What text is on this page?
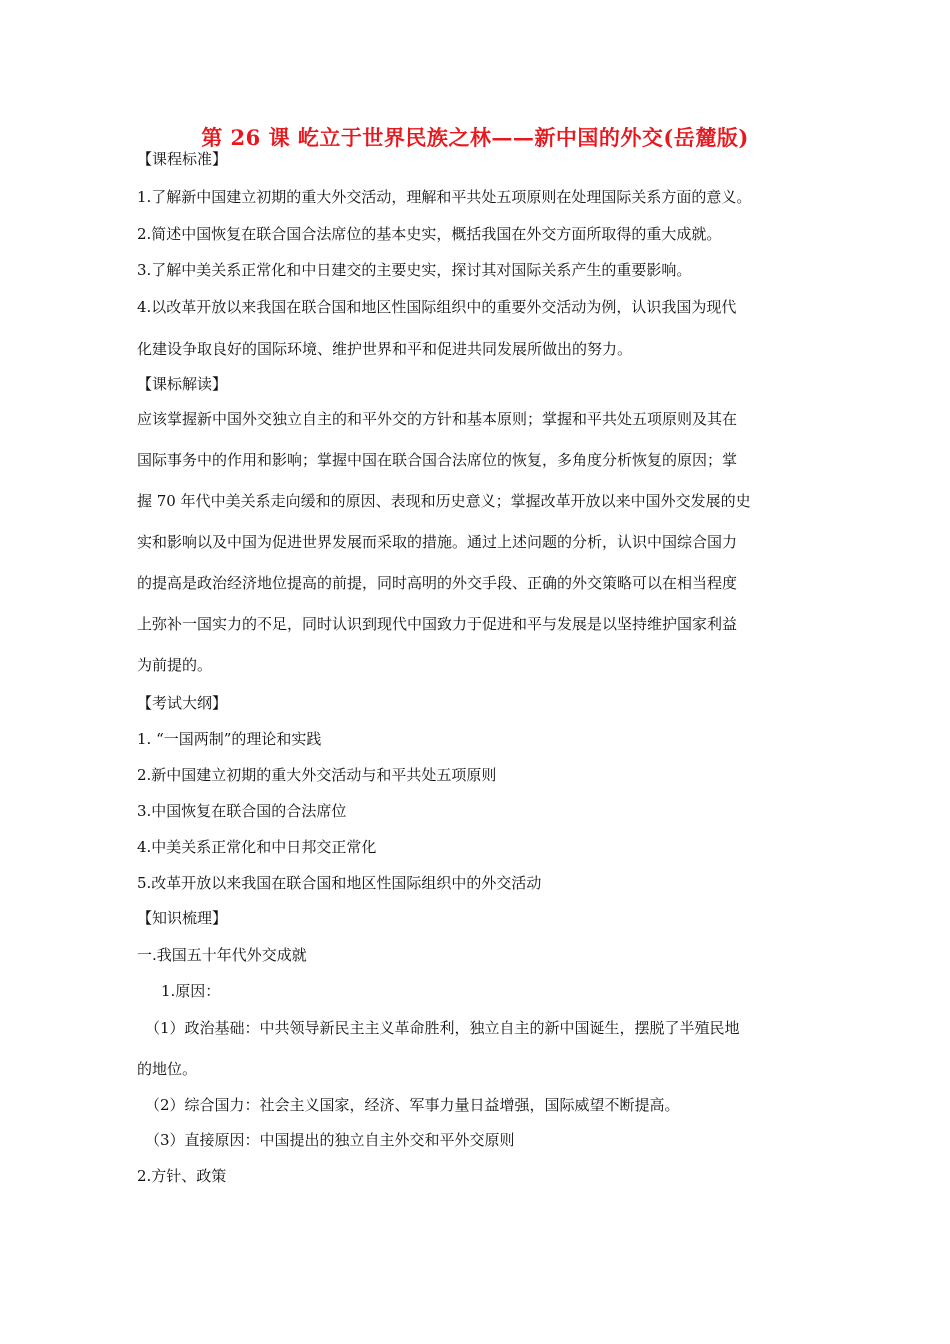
第 26 课 屹立于世界民族之林——新中国的外交(岳麓版)
【课程标准】
1.了解新中国建立初期的重大外交活动，理解和平共处五项原则在处理国际关系方面的意义。
2.简述中国恢复在联合国合法席位的基本史实，概括我国在外交方面所取得的重大成就。
3.了解中美关系正常化和中日建交的主要史实，探讨其对国际关系产生的重要影响。
4.以改革开放以来我国在联合国和地区性国际组织中的重要外交活动为例，认识我国为现代
化建设争取良好的国际环境、维护世界和平和促进共同发展所做出的努力。
【课标解读】
应该掌握新中国外交独立自主的和平外交的方针和基本原则；掌握和平共处五项原则及其在
国际事务中的作用和影响；掌握中国在联合国合法席位的恢复，多角度分析恢复的原因；掌
握 70 年代中美关系走向缓和的原因、表现和历史意义；掌握改革开放以来中国外交发展的史
实和影响以及中国为促进世界发展而采取的措施。通过上述问题的分析，认识中国综合国力
的提高是政治经济地位提高的前提，同时高明的外交手段、正确的外交策略可以在相当程度
上弥补一国实力的不足，同时认识到现代中国致力于促进和平与发展是以坚持维护国家利益
为前提的。
【考试大纲】
1. “一国两制”的理论和实践
2.新中国建立初期的重大外交活动与和平共处五项原则
3.中国恢复在联合国的合法席位
4.中美关系正常化和中日邦交正常化
5.改革开放以来我国在联合国和地区性国际组织中的外交活动
【知识梳理】
一.我国五十年代外交成就
1.原因：
（1）政治基础：中共领导新民主主义革命胜利，独立自主的新中国诞生，摆脱了半殖民地
的地位。
（2）综合国力：社会主义国家，经济、军事力量日益增强，国际威望不断提高。
（3）直接原因：中国提出的独立自主外交和平外交原则
2.方针、政策
